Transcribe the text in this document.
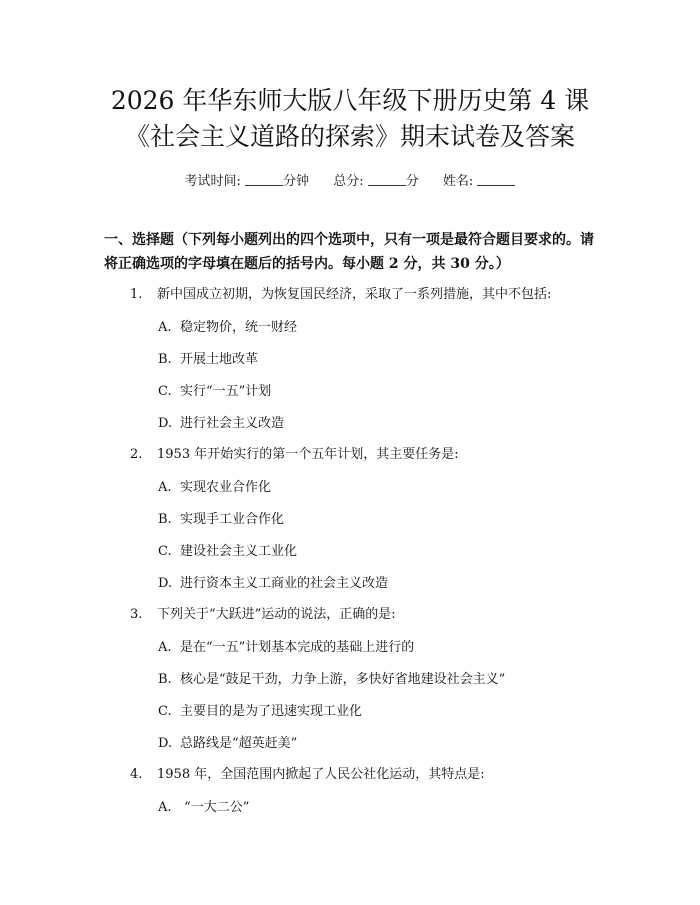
2026 年华东师大版八年级下册历史第 4 课
《社会主义道路的探索》期末试卷及答案
考试时间:	分钟 总分:	分 姓名:
一、选择题（下列每小题列出的四个选项中，只有一项是最符合题目要求的。请将正确选项的字母填在题后的括号内。每小题 2 分，共 30 分。）
1. 新中国成立初期，为恢复国民经济，采取了一系列措施，其中不包括:
A. 稳定物价，统一财经
B. 开展土地改革
C. 实行“一五”计划
D. 进行社会主义改造
2. 1953 年开始实行的第一个五年计划，其主要任务是:
A. 实现农业合作化
B. 实现手工业合作化
C. 建设社会主义工业化
D. 进行资本主义工商业的社会主义改造
3. 下列关于“大跃进”运动的说法，正确的是:
A. 是在“一五”计划基本完成的基础上进行的
B. 核心是“鼓足干劲，力争上游，多快好省地建设社会主义”
C. 主要目的是为了迅速实现工业化
D. 总路线是“超英赶美”
4. 1958 年，全国范围内掀起了人民公社化运动，其特点是:
A. “一大二公”
